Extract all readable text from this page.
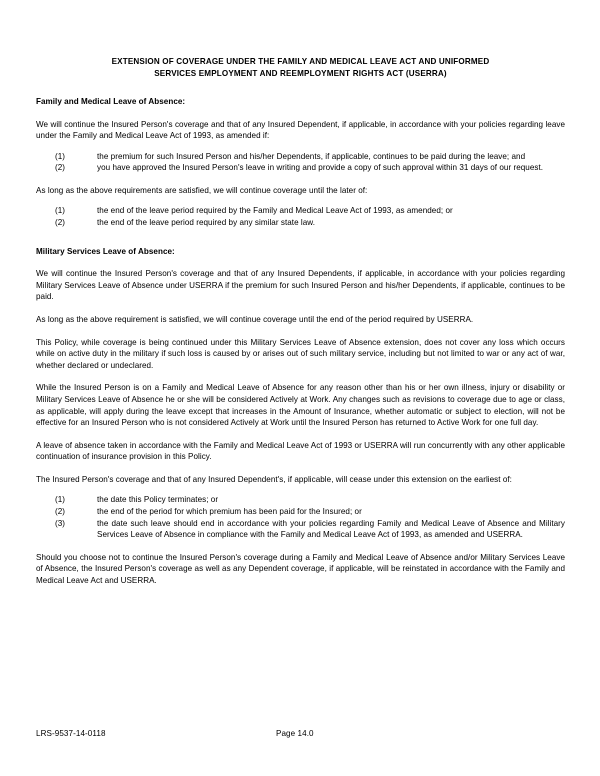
EXTENSION OF COVERAGE UNDER THE FAMILY AND MEDICAL LEAVE ACT AND UNIFORMED
SERVICES EMPLOYMENT AND REEMPLOYMENT RIGHTS ACT (USERRA)
Family and Medical Leave of Absence:

We will continue the Insured Person's coverage and that of any Insured Dependent, if applicable, in accordance with your policies regarding leave under the Family and Medical Leave Act of 1993, as amended if:

(1)	the premium for such Insured Person and his/her Dependents, if applicable, continues to be paid during the leave; and
(2)	you have approved the Insured Person's leave in writing and provide a copy of such approval within 31 days of our request.

As long as the above requirements are satisfied, we will continue coverage until the later of:

(1)	the end of the leave period required by the Family and Medical Leave Act of 1993, as amended; or
(2)	the end of the leave period required by any similar state law.
Military Services Leave of Absence:

We will continue the Insured Person's coverage and that of any Insured Dependents, if applicable, in accordance with your policies regarding Military Services Leave of Absence under USERRA if the premium for such Insured Person and his/her Dependents, if applicable, continues to be paid.

As long as the above requirement is satisfied, we will continue coverage until the end of the period required by USERRA.

This Policy, while coverage is being continued under this Military Services Leave of Absence extension, does not cover any loss which occurs while on active duty in the military if such loss is caused by or arises out of such military service, including but not limited to war or any act of war, whether declared or undeclared.

While the Insured Person is on a Family and Medical Leave of Absence for any reason other than his or her own illness, injury or disability or Military Services Leave of Absence he or she will be considered Actively at Work. Any changes such as revisions to coverage due to age or class, as applicable, will apply during the leave except that increases in the Amount of Insurance, whether automatic or subject to election, will not be effective for an Insured Person who is not considered Actively at Work until the Insured Person has returned to Active Work for one full day.

A leave of absence taken in accordance with the Family and Medical Leave Act of 1993 or USERRA will run concurrently with any other applicable continuation of insurance provision in this Policy.

The Insured Person's coverage and that of any Insured Dependent's, if applicable, will cease under this extension on the earliest of:

(1)	the date this Policy terminates; or
(2)	the end of the period for which premium has been paid for the Insured; or
(3)	the date such leave should end in accordance with your policies regarding Family and Medical Leave of Absence and Military Services Leave of Absence in compliance with the Family and Medical Leave Act of 1993, as amended and USERRA.

Should you choose not to continue the Insured Person's coverage during a Family and Medical Leave of Absence and/or Military Services Leave of Absence, the Insured Person's coverage as well as any Dependent coverage, if applicable, will be reinstated in accordance with the Family and Medical Leave Act and USERRA.

LRS-9537-14-0118	Page 14.0
